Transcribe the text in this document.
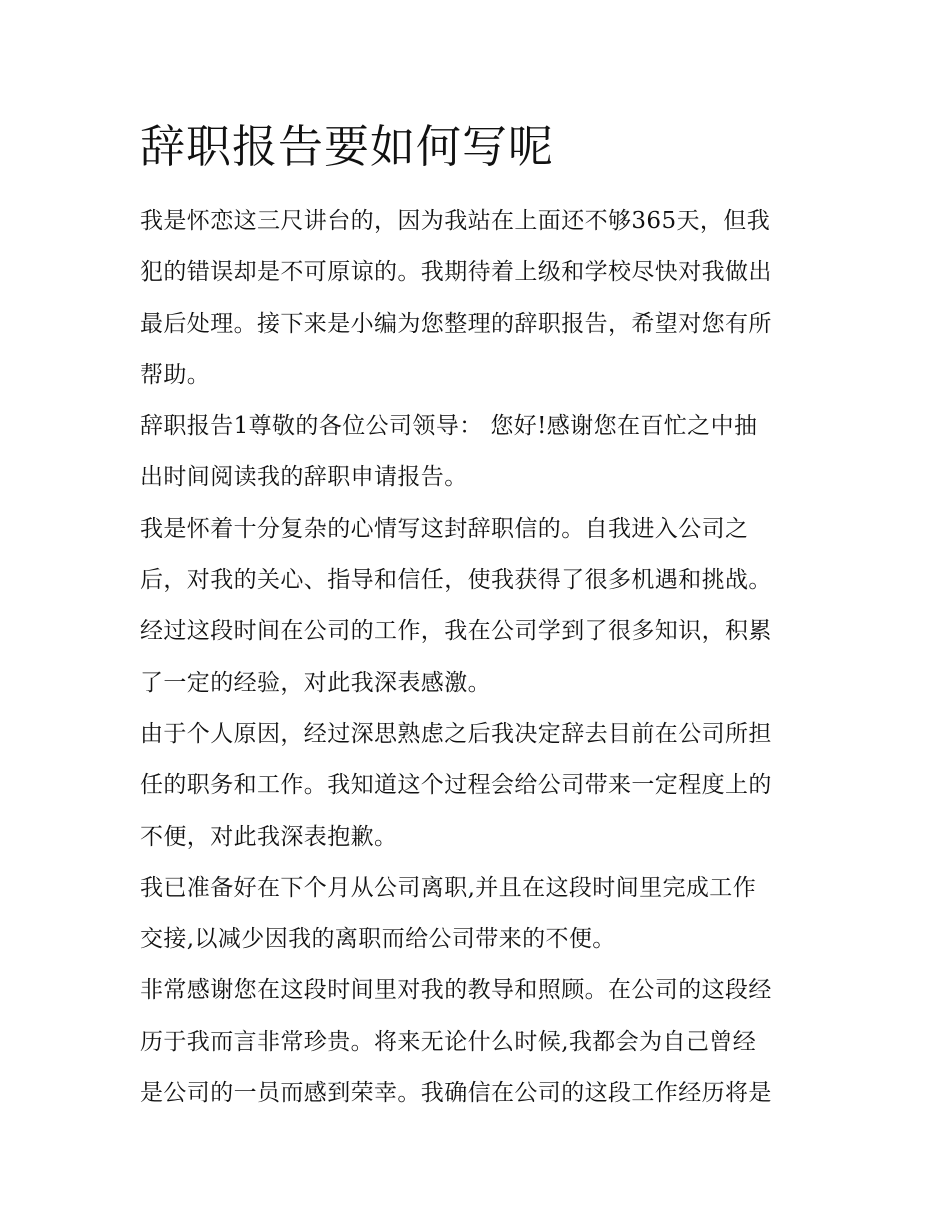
辞职报告要如何写呢
我是怀恋这三尺讲台的，因为我站在上面还不够365天，但我
犯的错误却是不可原谅的。我期待着上级和学校尽快对我做出
最后处理。接下来是小编为您整理的辞职报告，希望对您有所
帮助。
辞职报告1尊敬的各位公司领导： 您好!感谢您在百忙之中抽
出时间阅读我的辞职申请报告。
我是怀着十分复杂的心情写这封辞职信的。自我进入公司之
后，对我的关心、指导和信任，使我获得了很多机遇和挑战。
经过这段时间在公司的工作，我在公司学到了很多知识，积累
了一定的经验，对此我深表感激。
由于个人原因，经过深思熟虑之后我决定辞去目前在公司所担
任的职务和工作。我知道这个过程会给公司带来一定程度上的
不便，对此我深表抱歉。
我已准备好在下个月从公司离职,并且在这段时间里完成工作
交接,以减少因我的离职而给公司带来的不便。
非常感谢您在这段时间里对我的教导和照顾。在公司的这段经
历于我而言非常珍贵。将来无论什么时候,我都会为自己曾经
是公司的一员而感到荣幸。我确信在公司的这段工作经历将是
